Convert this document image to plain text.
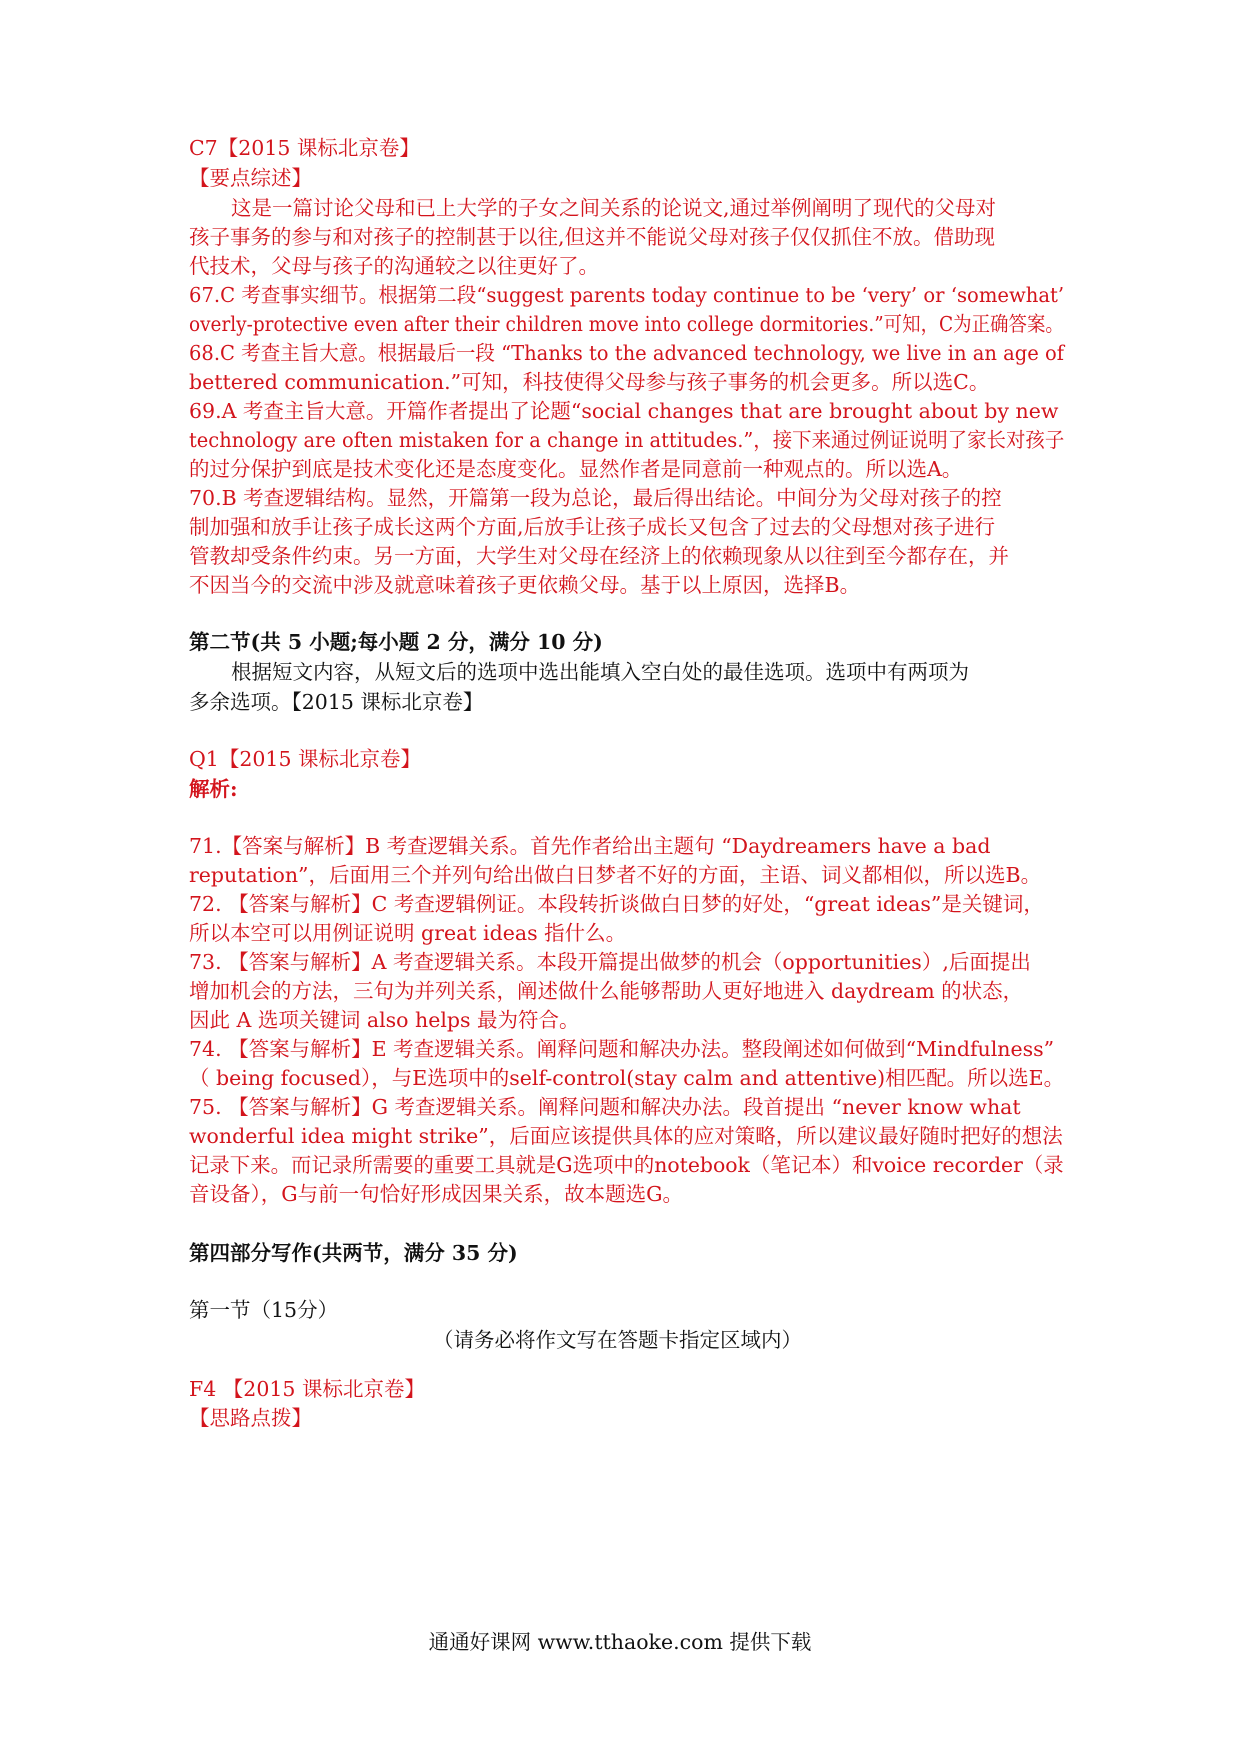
C7【2015 课标北京卷】
【要点综述】
这是一篇讨论父母和已上大学的子女之间关系的论说文,通过举例阐明了现代的父母对
孩子事务的参与和对孩子的控制甚于以往,但这并不能说父母对孩子仅仅抓住不放。借助现
代技术，父母与孩子的沟通较之以往更好了。
67.C 考查事实细节。根据第二段“suggest parents today continue to be ‘very’ or ‘somewhat’
overly-protective even after their children move into college dormitories.”可知，C为正确答案。
68.C 考查主旨大意。根据最后一段 “Thanks to the advanced technology, we live in an age of
bettered communication.”可知，科技使得父母参与孩子事务的机会更多。所以选C。
69.A 考查主旨大意。开篇作者提出了论题“social changes that are brought about by new
technology are often mistaken for a change in attitudes.”，接下来通过例证说明了家长对孩子
的过分保护到底是技术变化还是态度变化。显然作者是同意前一种观点的。所以选A。
70.B 考查逻辑结构。显然，开篇第一段为总论，最后得出结论。中间分为父母对孩子的控
制加强和放手让孩子成长这两个方面,后放手让孩子成长又包含了过去的父母想对孩子进行
管教却受条件约束。另一方面，大学生对父母在经济上的依赖现象从以往到至今都存在，并
不因当今的交流中涉及就意味着孩子更依赖父母。基于以上原因，选择B。
第二节(共 5 小题;每小题 2 分，满分 10 分)
根据短文内容，从短文后的选项中选出能填入空白处的最佳选项。选项中有两项为
多余选项。【2015 课标北京卷】
Q1【2015 课标北京卷】
解析:
71.【答案与解析】B 考查逻辑关系。首先作者给出主题句 “Daydreamers have a bad
reputation”，后面用三个并列句给出做白日梦者不好的方面，主语、词义都相似，所以选B。
72. 【答案与解析】C 考查逻辑例证。本段转折谈做白日梦的好处，“great ideas”是关键词，
所以本空可以用例证说明 great ideas 指什么。
73. 【答案与解析】A 考查逻辑关系。本段开篇提出做梦的机会（opportunities）,后面提出
增加机会的方法，三句为并列关系，阐述做什么能够帮助人更好地进入 daydream 的状态，
因此 A 选项关键词 also helps 最为符合。
74. 【答案与解析】E 考查逻辑关系。阐释问题和解决办法。整段阐述如何做到“Mindfulness”
（ being focused），与E选项中的self-control(stay calm and attentive)相匹配。所以选E。
75. 【答案与解析】G 考查逻辑关系。阐释问题和解决办法。段首提出 “never know what
wonderful idea might strike”，后面应该提供具体的应对策略，所以建议最好随时把好的想法
记录下来。而记录所需要的重要工具就是G选项中的notebook（笔记本）和voice recorder（录
音设备），G与前一句恰好形成因果关系，故本题选G。
第四部分写作(共两节，满分 35 分)
第一节（15分）
（请务必将作文写在答题卡指定区域内）
F4 【2015 课标北京卷】
【思路点拨】
通通好课网 www.tthaoke.com 提供下载
